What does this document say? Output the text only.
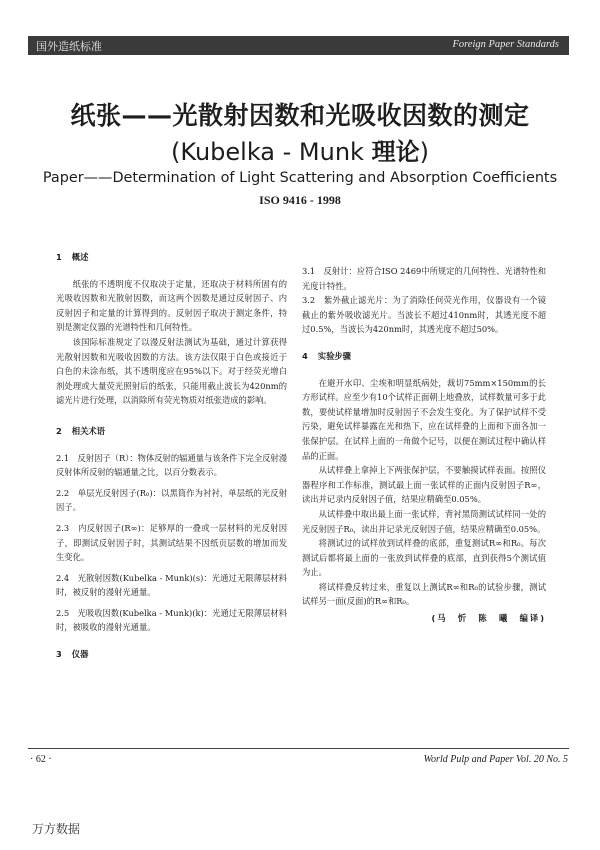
国外造纸标准	Foreign Paper Standards
纸张——光散射因数和光吸收因数的测定
(Kubelka - Munk 理论)
Paper——Determination of Light Scattering and Absorption Coefficients
ISO 9416 - 1998
1 概述

纸张的不透明度不仅取决于定量，还取决于材料所固有的光吸收因数和光散射因数，而这两个因数是通过反射因子、内反射因子和定量的计算得到的。反射因子取决于测定条件，特别是测定仪器的光谱特性和几何特性。

该国际标准规定了以漫反射法测试为基础，通过计算获得光散射因数和光吸收因数的方法。该方法仅限于白色或接近于白色的未涂布纸，其不透明度应在95%以下。对于经荧光增白剂处理或大量荧光照射后的纸张，只能用截止波长为420nm的滤光片进行处理，以消除所有荧光物质对纸张造成的影响。

2 相关术语

2.1　反射因子（R）：物体反射的辐通量与该条件下完全反射漫反射体所反射的辐通量之比，以百分数表示。

2.2　单层光反射因子(R₀)：以黑筒作为衬衬，单层纸的光反射因子。

2.3　内反射因子(R∞)：足够厚的一叠或一层材料的光反射因子，即测试反射因子时，其测试结果不因纸页层数的增加而发生变化。

2.4　光散射因数(Kubelka - Munk)(s)：光通过无限薄层材料时，被反射的漫射光通量。

2.5　光吸收因数(Kubelka - Munk)(k)：光通过无限薄层材料时，被吸收的漫射光通量。

3 仪器

3.1　反射计：应符合ISO 2469中所规定的几何特性、光谱特性和光度计特性。

3.2　紫外截止滤光片：为了消除任何荧光作用，仪器设有一个镜截止的紫外吸收滤光片。当波长不超过410nm时，其透光度不超过0.5%，当波长为420nm时，其透光度不超过50%。

4 实验步骤

在避开水印、尘埃和明显纸病处，裁切75mm×150mm的长方形试样。应至少有10个试样正面朝上地叠放，试样数量可多于此数，要使试样量增加时反射因子不会发生变化。为了保护试样不受污染，避免试样暴露在光和热下，应在试样叠的上面和下面各加一张保护层。在试样上面的一角做个记号，以便在测试过程中确认样品的正面。

从试样叠上拿掉上下两张保护层，不要触摸试样表面。按照仪器程序和工作标准，测试最上面一张试样的正面内反射因子R∞，读出并记录内反射因子值，结果应精确至0.05%。

从试样叠中取出最上面一张试样，背衬黑筒测试试样同一处的光反射因子R₀，读出并记录光反射因子值，结果应精确至0.05%。

将测试过的试样放到试样叠的底部，重复测试R∞和R₀。每次测试后都将最上面的一张放到试样叠的底部，直到获得5个测试值为止。

将试样叠反转过来，重复以上测试R∞和R₀的试验步骤，测试试样另一面(反面)的R∞和R₀。

(马　忻　陈　曦　编译)
· 62 ·	World Pulp and Paper Vol. 20 No. 5
万方数据
